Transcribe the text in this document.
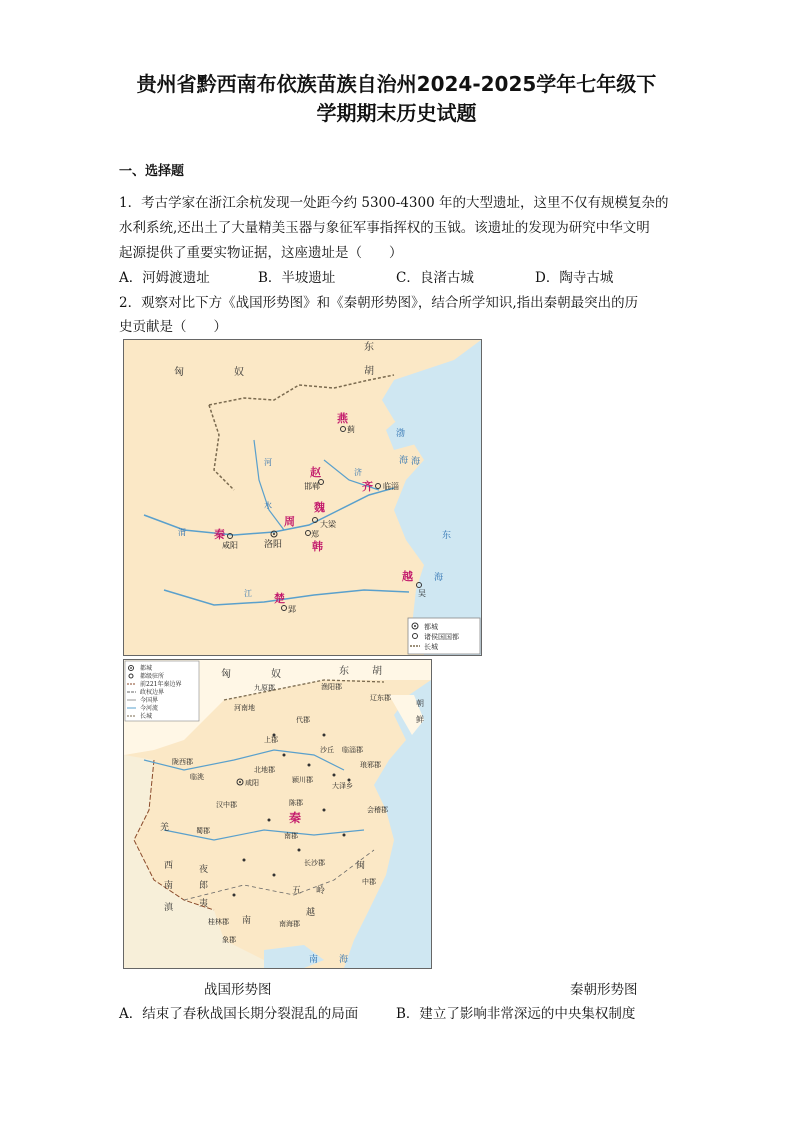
贵州省黔西南布依族苗族自治州2024-2025学年七年级下
学期期末历史试题
一、选择题
1．考古学家在浙江余杭发现一处距今约 5300-4300 年的大型遗址，这里不仅有规模复杂的
水利系统,还出土了大量精美玉器与象征军事指挥权的玉钺。该遗址的发现为研究中华文明
起源提供了重要实物证据，这座遗址是（　　）
A．河姆渡遗址	B．半坡遗址	C．良渚古城	D．陶寺古城
2．观察对比下方《战国形势图》和《秦朝形势图》，结合所学知识,指出秦朝最突出的历
史贡献是（　　）
都城
诸侯国国都
长城
东
胡
匈	奴
燕
蓟	渤
海
赵
邯郸	齐 临淄
河
济
水
秦
咸阳
周
洛阳
魏
大梁
韩
郑
渭	东
海
海
越
吴
楚
郢
江
都城
都级驻所
前221年秦边界
政权边界
今国界
今河流
长城
匈	奴	东 胡
九原郡
河南地
渔阳郡
辽东郡
朝
鲜
代郡
上郡
沙丘 临淄郡
琅邪郡
陇西郡
临洮
北地郡
咸阳	颍川郡
大泽乡
汉中郡	陈郡
会稽郡
羌	蜀郡
秦
南郡
西
南
夜
郎
长沙郡	闽
中郡
滇	夷
五 岭
桂林郡 南
越
南海郡
象郡
南 海
战国形势图	秦朝形势图
A．结束了春秋战国长期分裂混乱的局面	B．建立了影响非常深远的中央集权制度
